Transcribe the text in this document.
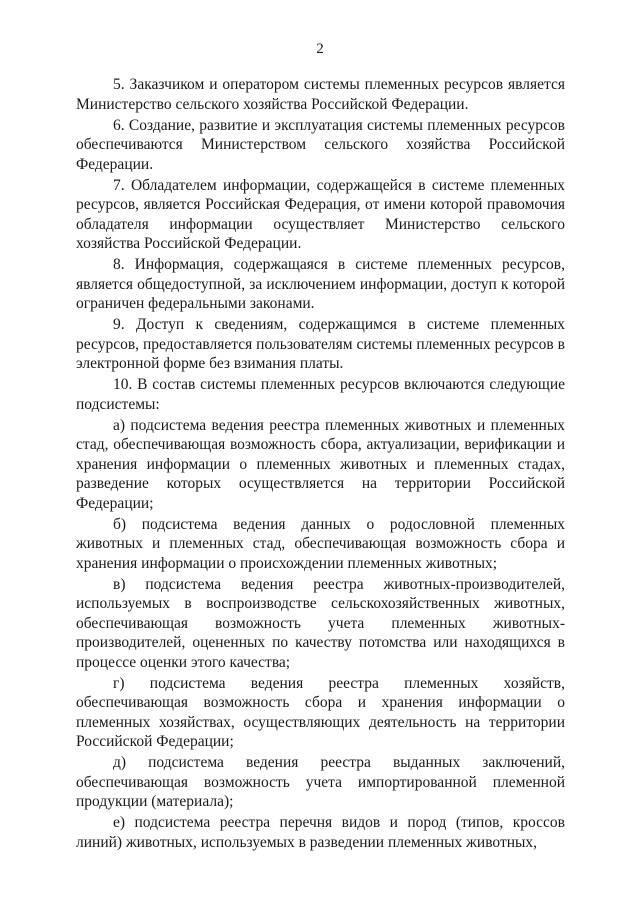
2

5. Заказчиком и оператором системы племенных ресурсов является Министерство сельского хозяйства Российской Федерации.

6. Создание, развитие и эксплуатация системы племенных ресурсов обеспечиваются Министерством сельского хозяйства Российской Федерации.

7. Обладателем информации, содержащейся в системе племенных ресурсов, является Российская Федерация, от имени которой правомочия обладателя информации осуществляет Министерство сельского хозяйства Российской Федерации.

8. Информация, содержащаяся в системе племенных ресурсов, является общедоступной, за исключением информации, доступ к которой ограничен федеральными законами.

9. Доступ к сведениям, содержащимся в системе племенных ресурсов, предоставляется пользователям системы племенных ресурсов в электронной форме без взимания платы.

10. В состав системы племенных ресурсов включаются следующие подсистемы:

а) подсистема ведения реестра племенных животных и племенных стад, обеспечивающая возможность сбора, актуализации, верификации и хранения информации о племенных животных и племенных стадах, разведение которых осуществляется на территории Российской Федерации;

б) подсистема ведения данных о родословной племенных животных и племенных стад, обеспечивающая возможность сбора и хранения информации о происхождении племенных животных;

в) подсистема ведения реестра животных-производителей, используемых в воспроизводстве сельскохозяйственных животных, обеспечивающая возможность учета племенных животных-производителей, оцененных по качеству потомства или находящихся в процессе оценки этого качества;

г) подсистема ведения реестра племенных хозяйств, обеспечивающая возможность сбора и хранения информации о племенных хозяйствах, осуществляющих деятельность на территории Российской Федерации;

д) подсистема ведения реестра выданных заключений, обеспечивающая возможность учета импортированной племенной продукции (материала);

е) подсистема реестра перечня видов и пород (типов, кроссов линий) животных, используемых в разведении племенных животных,
